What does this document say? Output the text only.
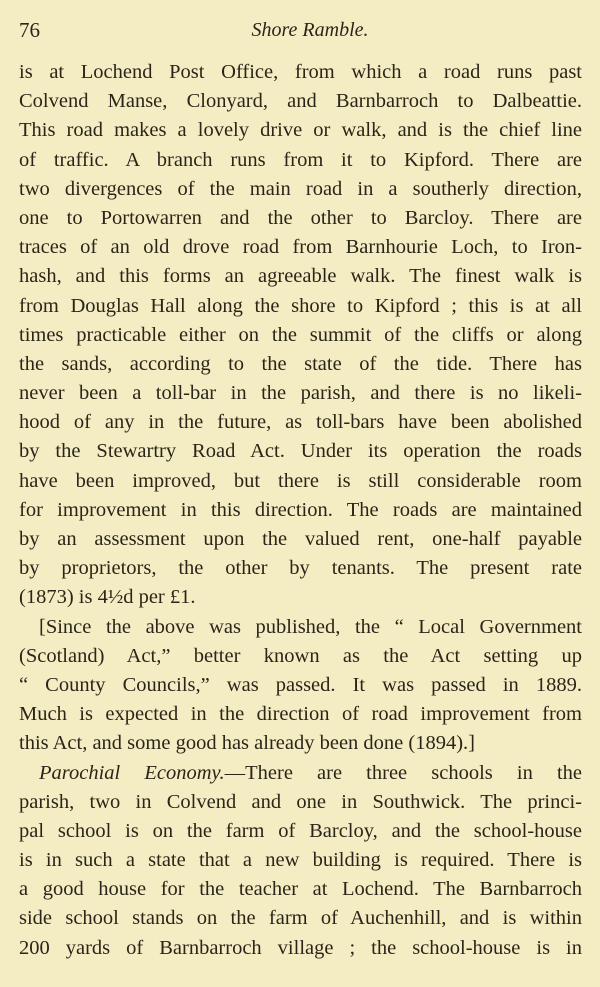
76	Shore Ramble.
is at Lochend Post Office, from which a road runs past
Colvend Manse, Clonyard, and Barnbarroch to Dalbeattie.
This road makes a lovely drive or walk, and is the chief line
of traffic. A branch runs from it to Kipford. There are
two divergences of the main road in a southerly direction,
one to Portowarren and the other to Barcloy. There are
traces of an old drove road from Barnhourie Loch, to Iron-
hash, and this forms an agreeable walk. The finest walk is
from Douglas Hall along the shore to Kipford ; this is at all
times practicable either on the summit of the cliffs or along
the sands, according to the state of the tide. There has
never been a toll-bar in the parish, and there is no likeli-
hood of any in the future, as toll-bars have been abolished
by the Stewartry Road Act. Under its operation the roads
have been improved, but there is still considerable room
for improvement in this direction. The roads are maintained
by an assessment upon the valued rent, one-half payable
by proprietors, the other by tenants. The present rate
(1873) is 4½d per £1.
[Since the above was published, the “ Local Government
(Scotland) Act,” better known as the Act setting up
“ County Councils,” was passed. It was passed in 1889.
Much is expected in the direction of road improvement from
this Act, and some good has already been done (1894).]
Parochial Economy.—There are three schools in the
parish, two in Colvend and one in Southwick. The princi-
pal school is on the farm of Barcloy, and the school-house
is in such a state that a new building is required. There is
a good house for the teacher at Lochend. The Barnbarroch
side school stands on the farm of Auchenhill, and is within
200 yards of Barnbarroch village ; the school-house is in
